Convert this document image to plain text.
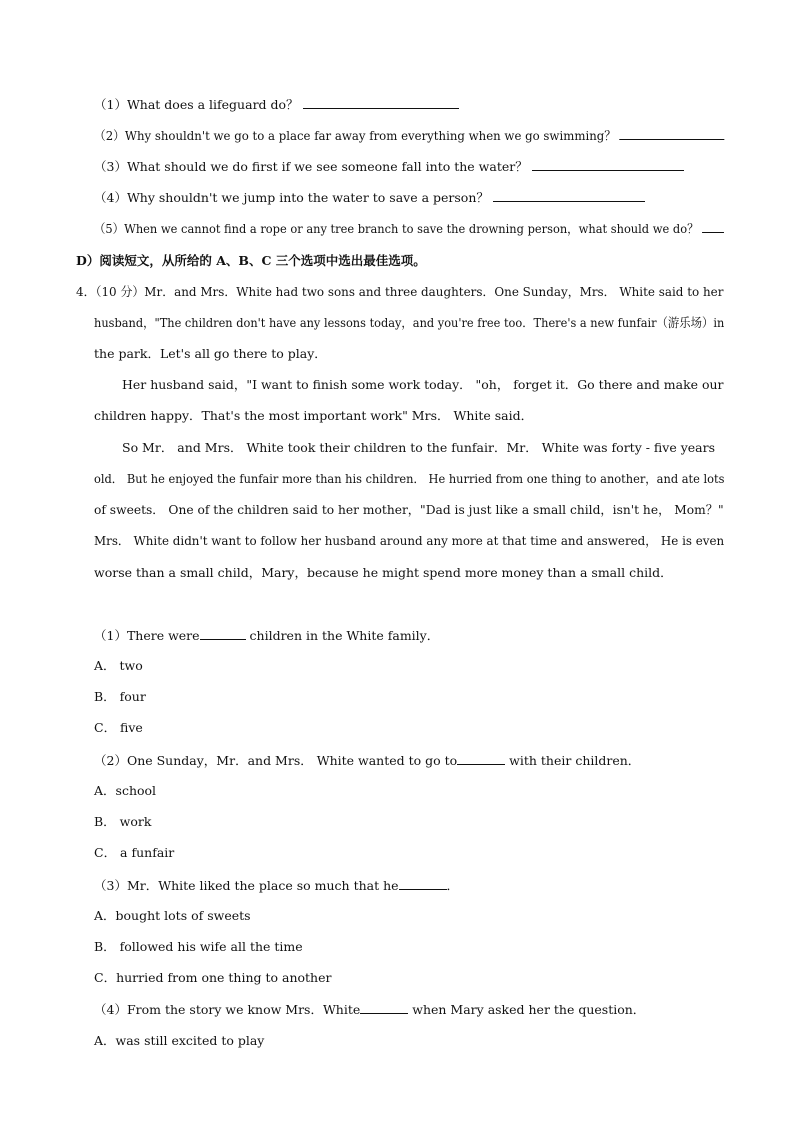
（1）What does a lifeguard do？
（2）Why shouldn't we go to a place far away from everything when we go swimming？
（3）What should we do first if we see someone fall into the water？
（4）Why shouldn't we jump into the water to save a person？
（5）When we cannot find a rope or any tree branch to save the drowning person，what should we do？
D）阅读短文，从所给的 A、B、C 三个选项中选出最佳选项。
4．（10 分）Mr．and Mrs．White had two sons and three daughters．One Sunday，Mrs． White said to her
husband，"The children don't have any lessons today，and you're free too．There's a new funfair（游乐场）in
the park．Let's all go there to play．
Her husband said，"I want to finish some work today． "oh， forget it．Go there and make our
children happy．That's the most important work" Mrs． White said．
So Mr． and Mrs． White took their children to the funfair．Mr． White was forty - five years
old． But he enjoyed the funfair more than his children． He hurried from one thing to another，and ate lots
of sweets． One of the children said to her mother，"Dad is just like a small child，isn't he， Mom？"
Mrs． White didn't want to follow her husband around any more at that time and answered， He is even
worse than a small child，Mary，because he might spend more money than a small child．
（1）There were	children in the White family．
A． two
B． four
C． five
（2）One Sunday，Mr．and Mrs． White wanted to go to	with their children．
A．school
B． work
C． a funfair
（3）Mr．White liked the place so much that he	．
A．bought lots of sweets
B． followed his wife all the time
C．hurried from one thing to another
（4）From the story we know Mrs．White	when Mary asked her the question．
A．was still excited to play
